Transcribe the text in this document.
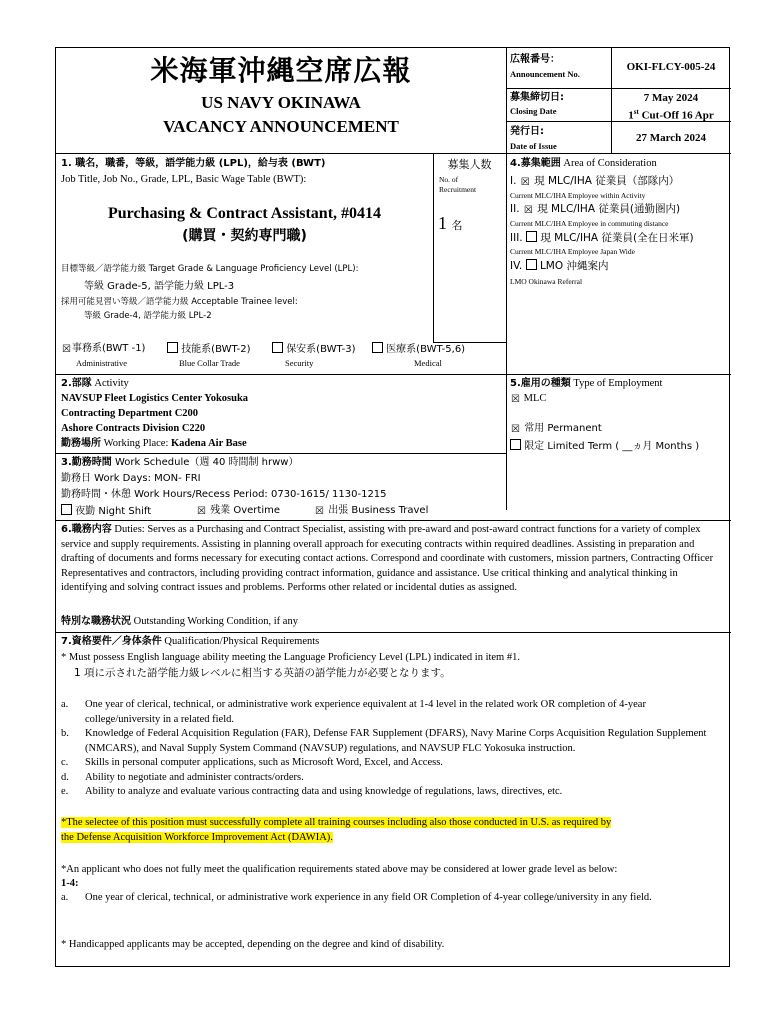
米海軍沖縄空席広報
US NAVY OKINAWA
VACANCY ANNOUNCEMENT
広報番号：
Announcement No.
OKI-FLCY-005-24
募集締切日:
Closing Date
7 May 2024
1st Cut-Off 16 Apr
発行日:
Date of Issue
27 March 2024
1. 職名，職番，等級，語学能力級 (LPL)，給与表 (BWT)
Job Title, Job No., Grade, LPL, Basic Wage Table (BWT):
Purchasing & Contract Assistant, #0414
(購買・契約専門職)
目標等級／語学能力級 Target Grade & Language Proficiency Level (LPL):
等級 Grade-5, 語学能力級 LPL-3
採用可能見習い等級／語学能力級 Acceptable Trainee level:
等級 Grade-4, 語学能力級 LPL-2
募集人数
No. of
Recruitment
1 名
☒事務系(BWT -1)
Administrative
技能系(BWT-2)
Blue Collar Trade
保安系(BWT-3)
Security
医療系(BWT-5,6)
Medical
4.募集範囲 Area of Consideration
I. ☒ 現 MLC/IHA 従業員（部隊内）
Current MLC/IHA Employee within Activity
II. ☒ 現 MLC/IHA 従業員(通勤圏内)
Current MLC/IHA Employee in commuting distance
III. 現 MLC/IHA 従業員(全在日米軍)
Current MLC/IHA Employee Japan Wide
IV. LMO 沖縄案内
LMO Okinawa Referral
2.部隊 Activity
NAVSUP Fleet Logistics Center Yokosuka
Contracting Department C200
Ashore Contracts Division C220
勤務場所 Working Place: Kadena Air Base
5.雇用の種類 Type of Employment
☒ MLC
☒ 常用 Permanent
限定 Limited Term ( __ヵ月 Months )
3.勤務時間 Work Schedule（週 40 時間制 hrww）
勤務日 Work Days: MON- FRI
勤務時間・休憩 Work Hours/Recess Period: 0730-1615/ 1130-1215
夜勤 Night Shift	☒ 残業 Overtime	☒ 出張 Business Travel
6.職務内容 Duties: Serves as a Purchasing and Contract Specialist, assisting with pre-award and post-award contract functions for a variety of complex service and supply requirements. Assisting in planning overall approach for executing contracts within required deadlines. Assisting in preparation and drafting of documents and forms necessary for executing contact actions. Correspond and coordinate with customers, mission partners, Contracting Officer Representatives and contractors, including providing contract information, guidance and assistance. Use critical thinking and analytical thinking in identifying and solving contract issues and problems. Performs other related or incidental duties as assigned.
特別な職務状況 Outstanding Working Condition, if any
7.資格要件／身体条件 Qualification/Physical Requirements
* Must possess English language ability meeting the Language Proficiency Level (LPL) indicated in item #1.
1 項に示された語学能力級レベルに相当する英語の語学能力が必要となります。
a.	One year of clerical, technical, or administrative work experience equivalent at 1-4 level in the related work OR completion of 4-year college/university in a related field.
b.	Knowledge of Federal Acquisition Regulation (FAR), Defense FAR Supplement (DFARS), Navy Marine Corps Acquisition Regulation Supplement (NMCARS), and Naval Supply System Command (NAVSUP) regulations, and NAVSUP FLC Yokosuka instruction.
c.	Skills in personal computer applications, such as Microsoft Word, Excel, and Access.
d.	Ability to negotiate and administer contracts/orders.
e.	Ability to analyze and evaluate various contracting data and using knowledge of regulations, laws, directives, etc.
*The selectee of this position must successfully complete all training courses including also those conducted in U.S. as required by
the Defense Acquisition Workforce Improvement Act (DAWIA).
*An applicant who does not fully meet the qualification requirements stated above may be considered at lower grade level as below:
1-4:
a.	One year of clerical, technical, or administrative work experience in any field OR Completion of 4-year college/university in any field.
* Handicapped applicants may be accepted, depending on the degree and kind of disability.
